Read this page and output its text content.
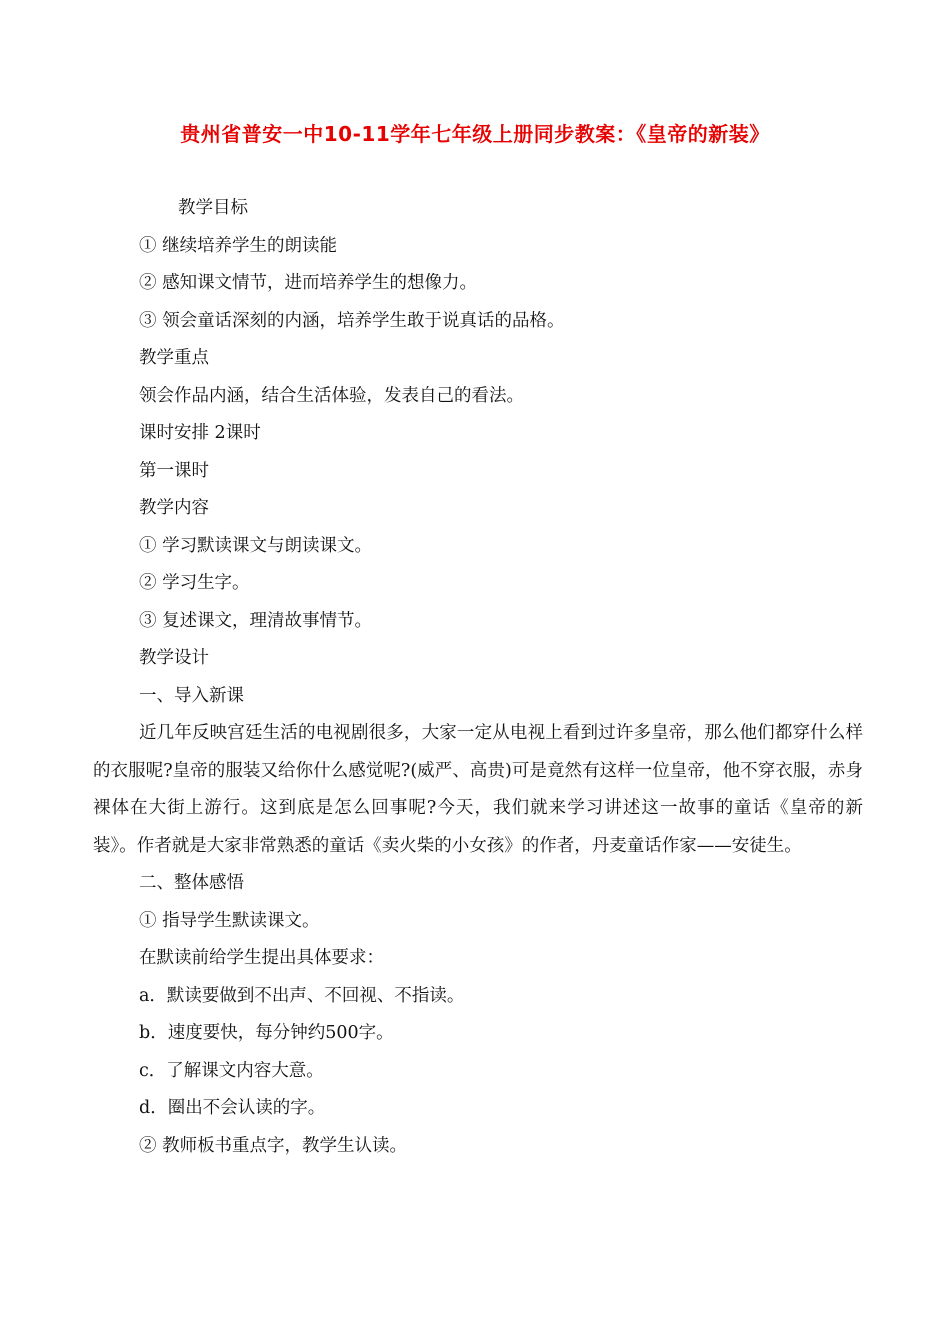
贵州省普安一中10-11学年七年级上册同步教案：《皇帝的新装》

教学目标

① 继续培养学生的朗读能

② 感知课文情节，进而培养学生的想像力。

③ 领会童话深刻的内涵，培养学生敢于说真话的品格。

教学重点

领会作品内涵，结合生活体验，发表自己的看法。

课时安排 2课时

第一课时

教学内容

① 学习默读课文与朗读课文。

② 学习生字。

③ 复述课文，理清故事情节。

教学设计

一、导入新课

近几年反映宫廷生活的电视剧很多，大家一定从电视上看到过许多皇帝，那么他们都穿什么样的衣服呢?皇帝的服装又给你什么感觉呢?(威严、高贵)可是竟然有这样一位皇帝，他不穿衣服，赤身裸体在大街上游行。这到底是怎么回事呢?今天，我们就来学习讲述这一故事的童话《皇帝的新装》。作者就是大家非常熟悉的童话《卖火柴的小女孩》的作者，丹麦童话作家——安徒生。

二、整体感悟

① 指导学生默读课文。

在默读前给学生提出具体要求：

a．默读要做到不出声、不回视、不指读。

b．速度要快，每分钟约500字。

c．了解课文内容大意。

d．圈出不会认读的字。

② 教师板书重点字，教学生认读。
